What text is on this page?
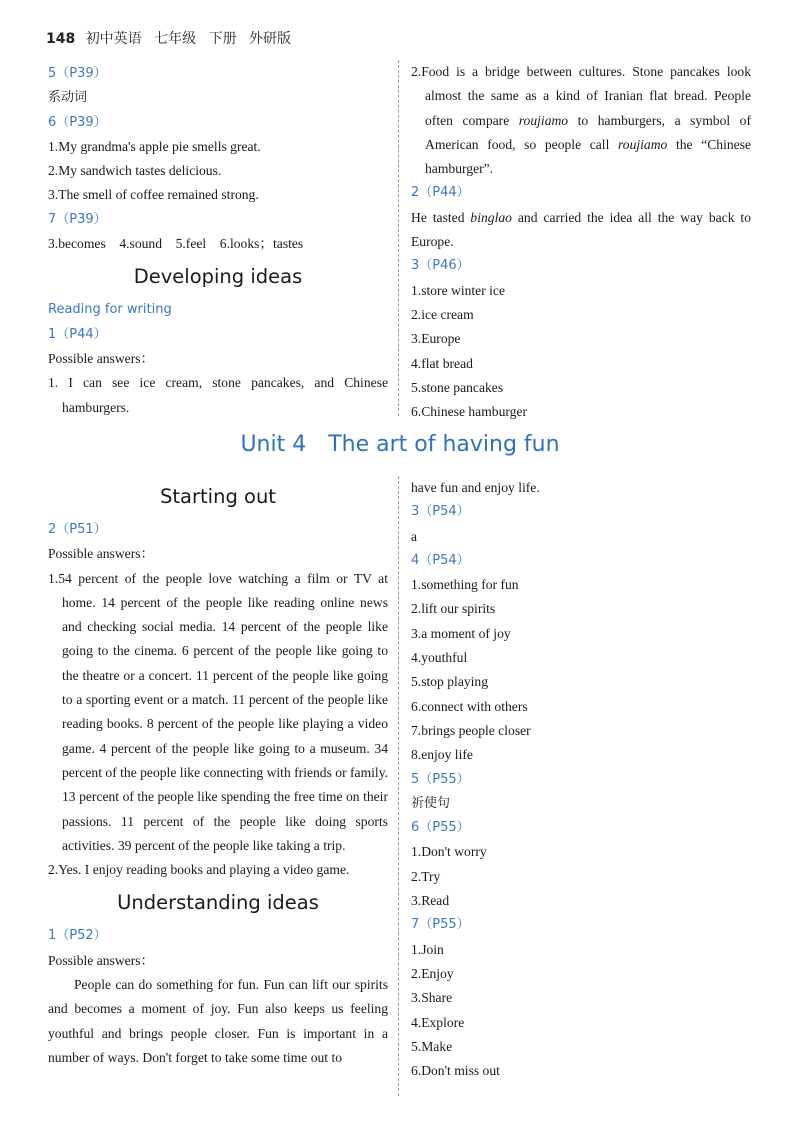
148 初中英语 七年级 下册 外研版

5（P39）

系动词

6（P39）

1.My grandma's apple pie smells great.

2.My sandwich tastes delicious.

3.The smell of coffee remained strong.

7（P39）

3.becomes　4.sound　5.feel　6.looks；tastes

Developing ideas

Reading for writing

1（P44）

Possible answers：

1. I can see ice cream, stone pancakes, and Chinese hamburgers.

2.Food is a bridge between cultures. Stone pancakes look almost the same as a kind of Iranian flat bread. People often compare roujiamo to hamburgers, a symbol of American food, so people call roujiamo the “Chinese hamburger”.

2（P44）

He tasted binglao and carried the idea all the way back to Europe.

3（P46）

1.store winter ice

2.ice cream

3.Europe

4.flat bread

5.stone pancakes

6.Chinese hamburger

Unit 4 The art of having fun
Starting out

2（P51）

Possible answers：

1.54 percent of the people love watching a film or TV at home. 14 percent of the people like reading online news and checking social media. 14 percent of the people like going to the cinema. 6 percent of the people like going to the theatre or a concert. 11 percent of the people like going to a sporting event or a match. 11 percent of the people like reading books. 8 percent of the people like playing a video game. 4 percent of the people like going to a museum. 34 percent of the people like connecting with friends or family. 13 percent of the people like spending the free time on their passions. 11 percent of the people like doing sports activities. 39 percent of the people like taking a trip.

2.Yes. I enjoy reading books and playing a video game.

Understanding ideas

1（P52）

Possible answers：

People can do something for fun. Fun can lift our spirits and becomes a moment of joy. Fun also keeps us feeling youthful and brings people closer. Fun is important in a number of ways. Don't forget to take some time out to

have fun and enjoy life.

3（P54）

a

4（P54）

1.something for fun

2.lift our spirits

3.a moment of joy

4.youthful

5.stop playing

6.connect with others

7.brings people closer

8.enjoy life

5（P55）

祈使句

6（P55）

1.Don't worry

2.Try

3.Read

7（P55）

1.Join

2.Enjoy

3.Share

4.Explore

5.Make

6.Don't miss out
